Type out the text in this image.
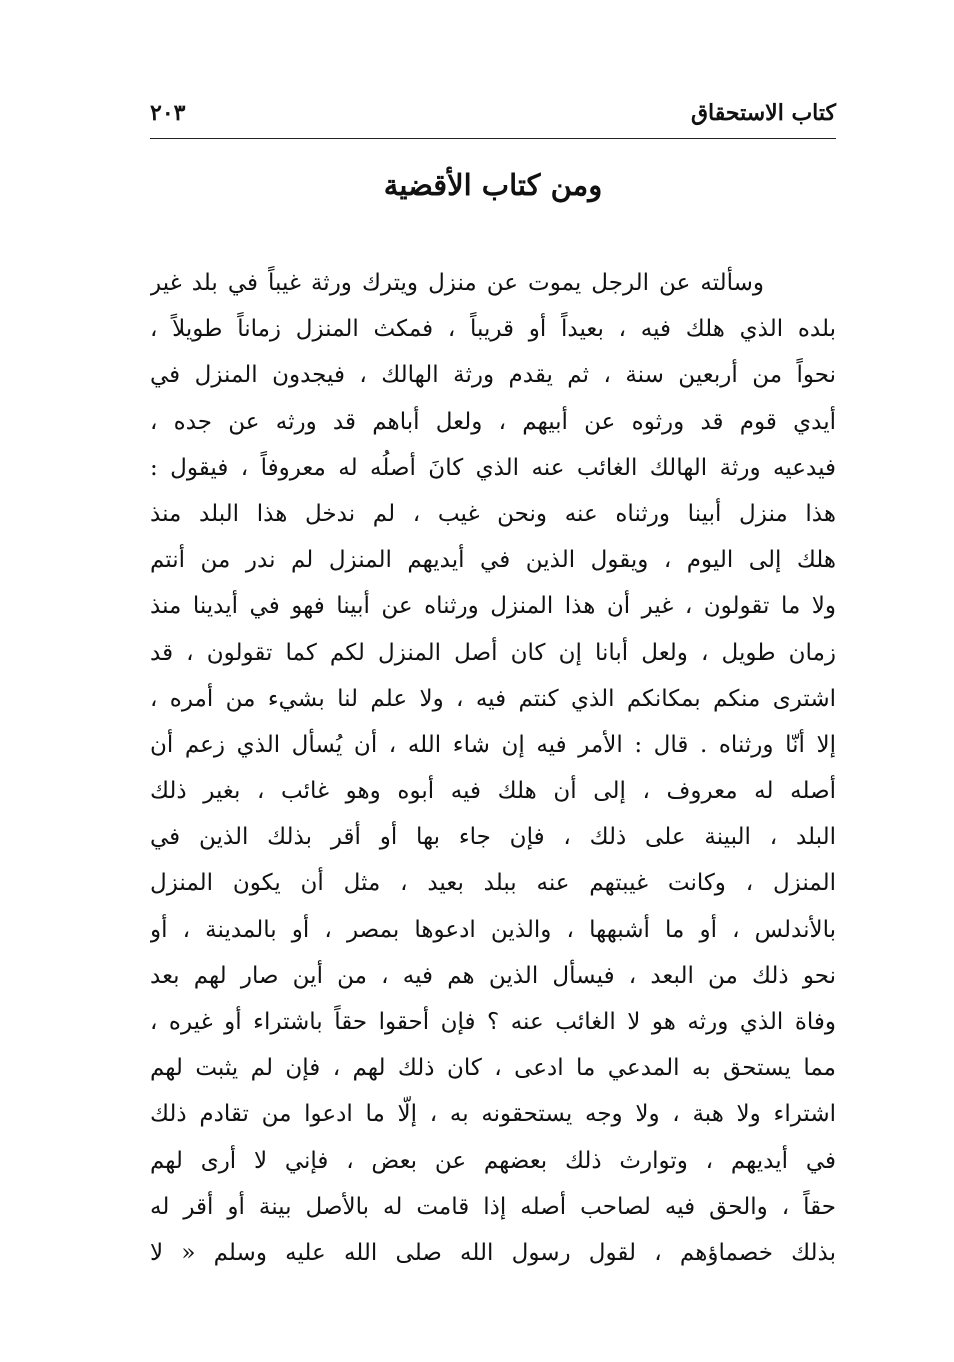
كتاب الاستحقاق
٢٠٣
ومن كتاب الأقضية
وسألته عن الرجل يموت عن منزل ويترك ورثة غيباً في بلد غير
بلده الذي هلك فيه ، بعيداً أو قريباً ، فمكث المنزل زماناً طويلاً ،
نحواً من أربعين سنة ، ثم يقدم ورثة الهالك ، فيجدون المنزل في
أيدي قوم قد ورثوه عن أبيهم ، ولعل أباهم قد ورثه عن جده ،
فيدعيه ورثة الهالك الغائب عنه الذي كانَ أصلُه له معروفاً ، فيقول :
هذا منزل أبينا ورثناه عنه ونحن غيب ، لم ندخل هذا البلد منذ
هلك إلى اليوم ، ويقول الذين في أيديهم المنزل لم ندر من أنتم
ولا ما تقولون ، غير أن هذا المنزل ورثناه عن أبينا فهو في أيدينا منذ
زمان طويل ، ولعل أبانا إن كان أصل المنزل لكم كما تقولون ، قد
اشترى منكم بمكانكم الذي كنتم فيه ، ولا علم لنا بشيء من أمره ،
إلا أنّا ورثناه . قال : الأمر فيه إن شاء الله ، أن يُسأل الذي زعم أن
أصله له معروف ، إلى أن هلك فيه أبوه وهو غائب ، بغير ذلك
البلد ، البينة على ذلك ، فإن جاء بها أو أقر بذلك الذين في
المنزل ، وكانت غيبتهم عنه ببلد بعيد ، مثل أن يكون المنزل
بالأندلس ، أو ما أشبهها ، والذين ادعوها بمصر ، أو بالمدينة ، أو
نحو ذلك من البعد ، فيسأل الذين هم فيه ، من أين صار لهم بعد
وفاة الذي ورثه هو لا الغائب عنه ؟ فإن أحقوا حقاً باشتراء أو غيره ،
مما يستحق به المدعي ما ادعى ، كان ذلك لهم ، فإن لم يثبت لهم
اشتراء ولا هبة ، ولا وجه يستحقونه به ، إلّا ما ادعوا من تقادم ذلك
في أيديهم ، وتوارث ذلك بعضهم عن بعض ، فإني لا أرى لهم
حقاً ، والحق فيه لصاحب أصله إذا قامت له بالأصل بينة أو أقر له
بذلك خصماؤهم ، لقول رسول الله صلى الله عليه وسلم « لا
